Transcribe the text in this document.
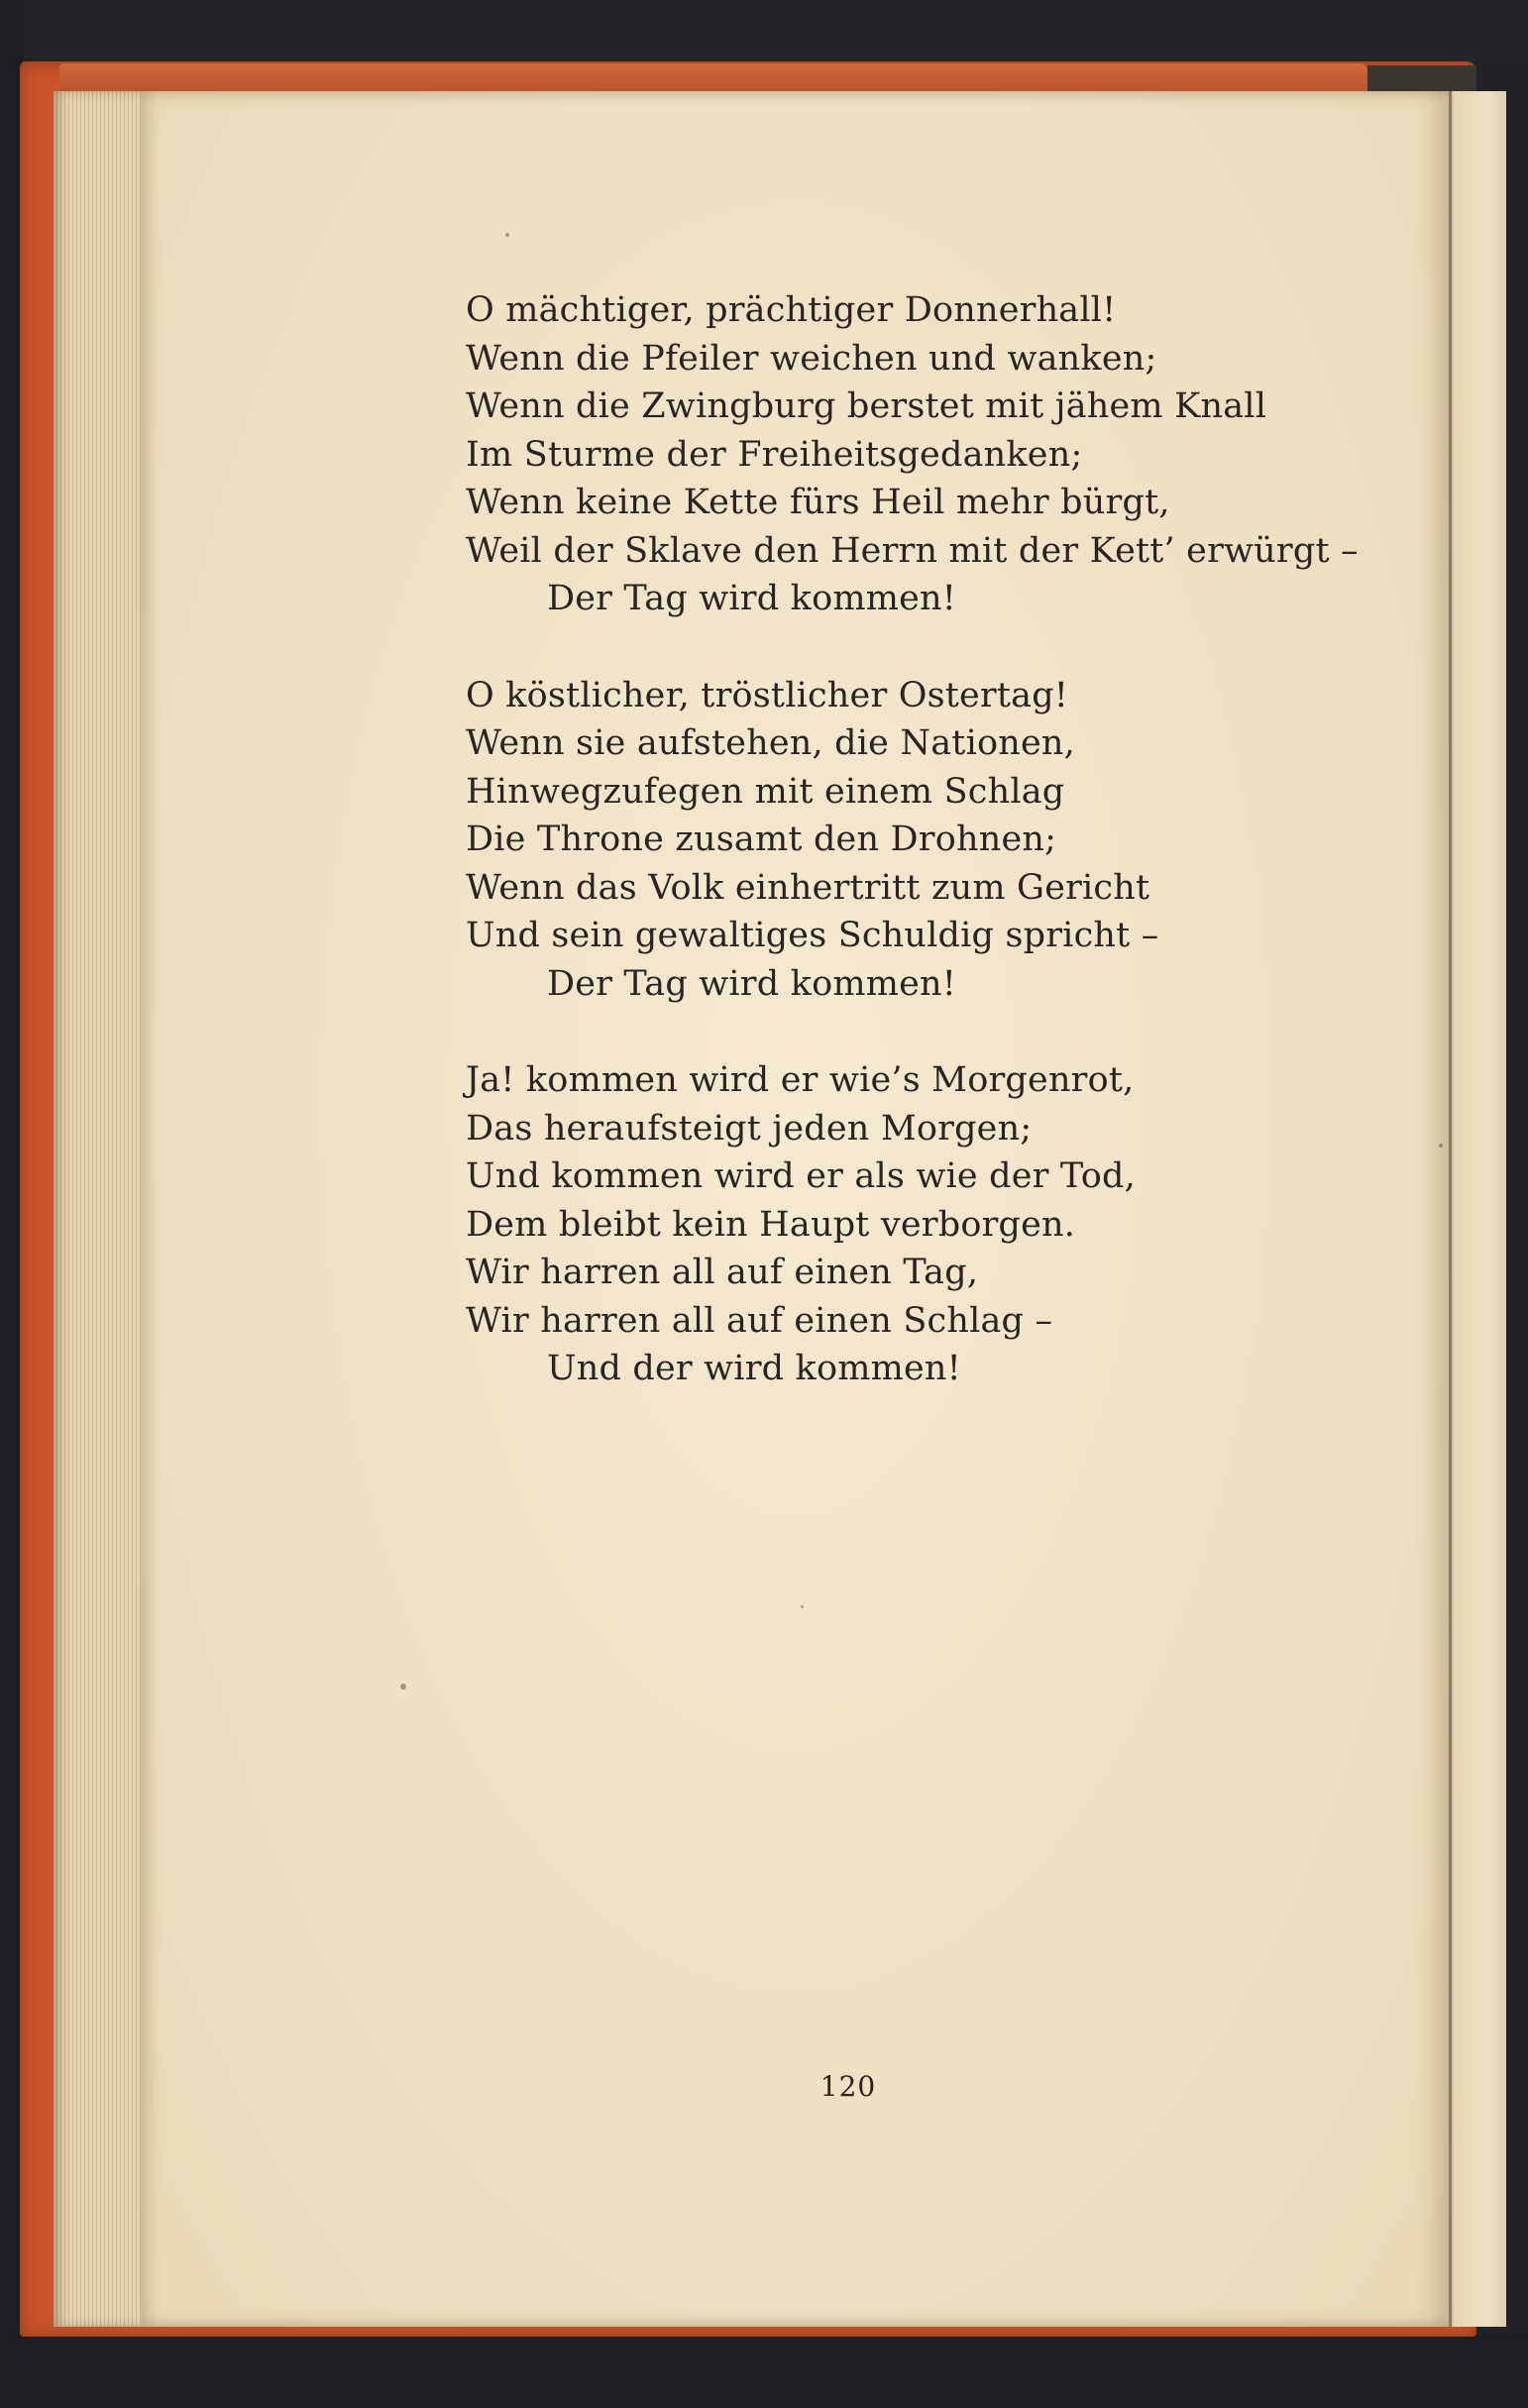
O mächtiger, prächtiger Donnerhall!
Wenn die Pfeiler weichen und wanken;
Wenn die Zwingburg berstet mit jähem Knall
Im Sturme der Freiheitsgedanken;
Wenn keine Kette fürs Heil mehr bürgt,
Weil der Sklave den Herrn mit der Kett’ erwürgt –
Der Tag wird kommen!
O köstlicher, tröstlicher Ostertag!
Wenn sie aufstehen, die Nationen,
Hinwegzufegen mit einem Schlag
Die Throne zusamt den Drohnen;
Wenn das Volk einhertritt zum Gericht
Und sein gewaltiges Schuldig spricht –
Der Tag wird kommen!
Ja! kommen wird er wie’s Morgenrot,
Das heraufsteigt jeden Morgen;
Und kommen wird er als wie der Tod,
Dem bleibt kein Haupt verborgen.
Wir harren all auf einen Tag,
Wir harren all auf einen Schlag –
Und der wird kommen!
120
